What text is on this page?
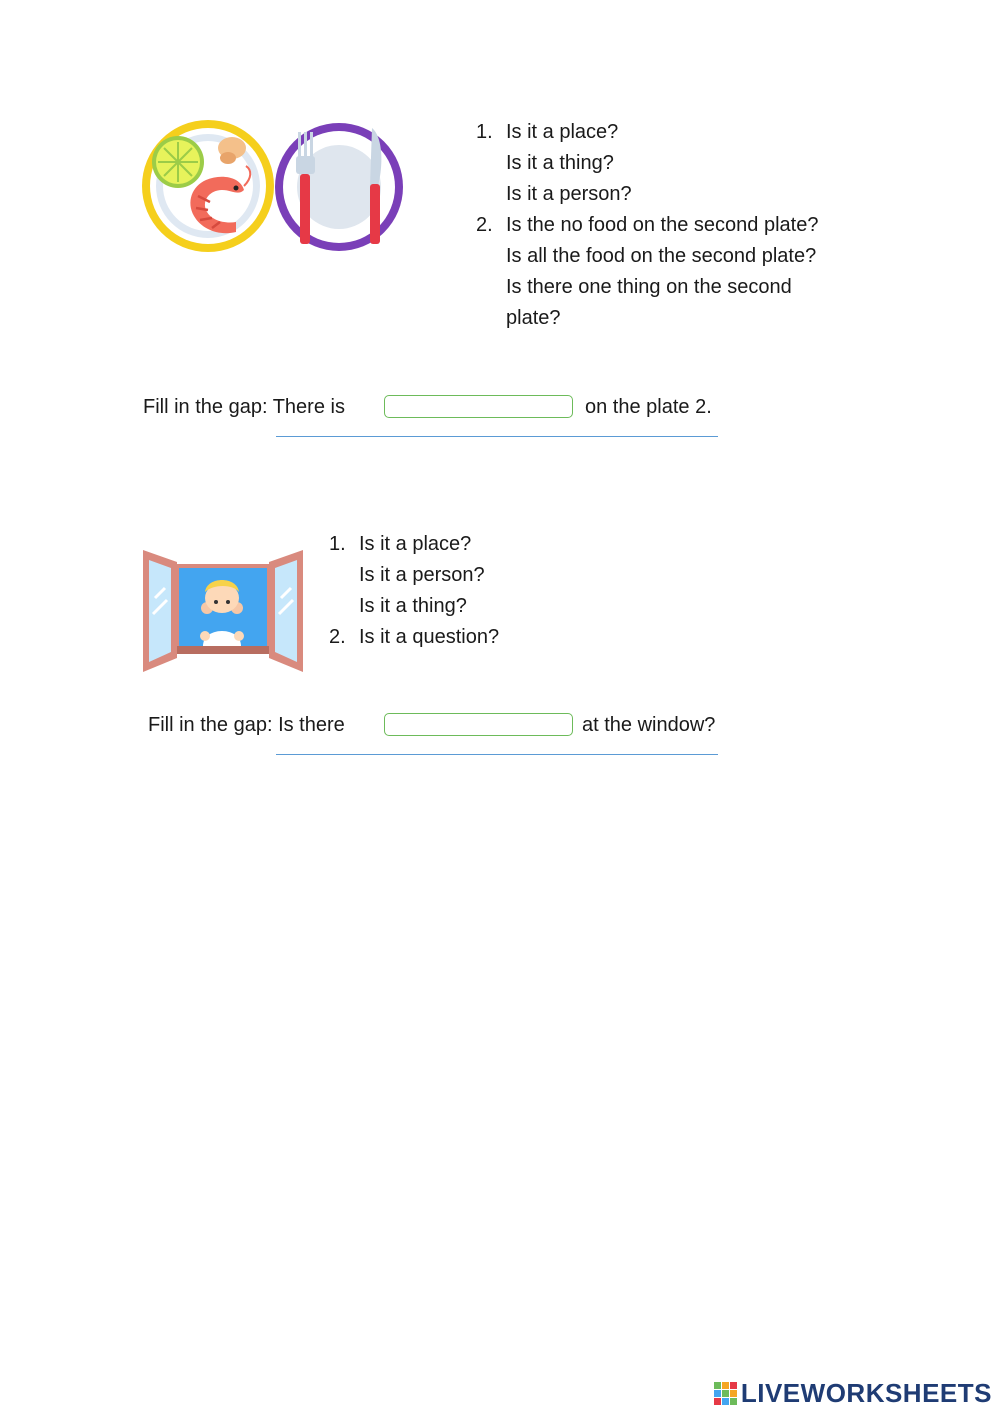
1. Is it a place?
Is it a thing?
Is it a person?
2. Is the no food on the second plate?
Is all the food on the second plate?
Is there one thing on the second
plate?
Fill in the gap: There is	on the plate 2.
1. Is it a place?
Is it a person?
Is it a thing?
2. Is it a question?
Fill in the gap: Is there	at the window?
LIVEWORKSHEETS
